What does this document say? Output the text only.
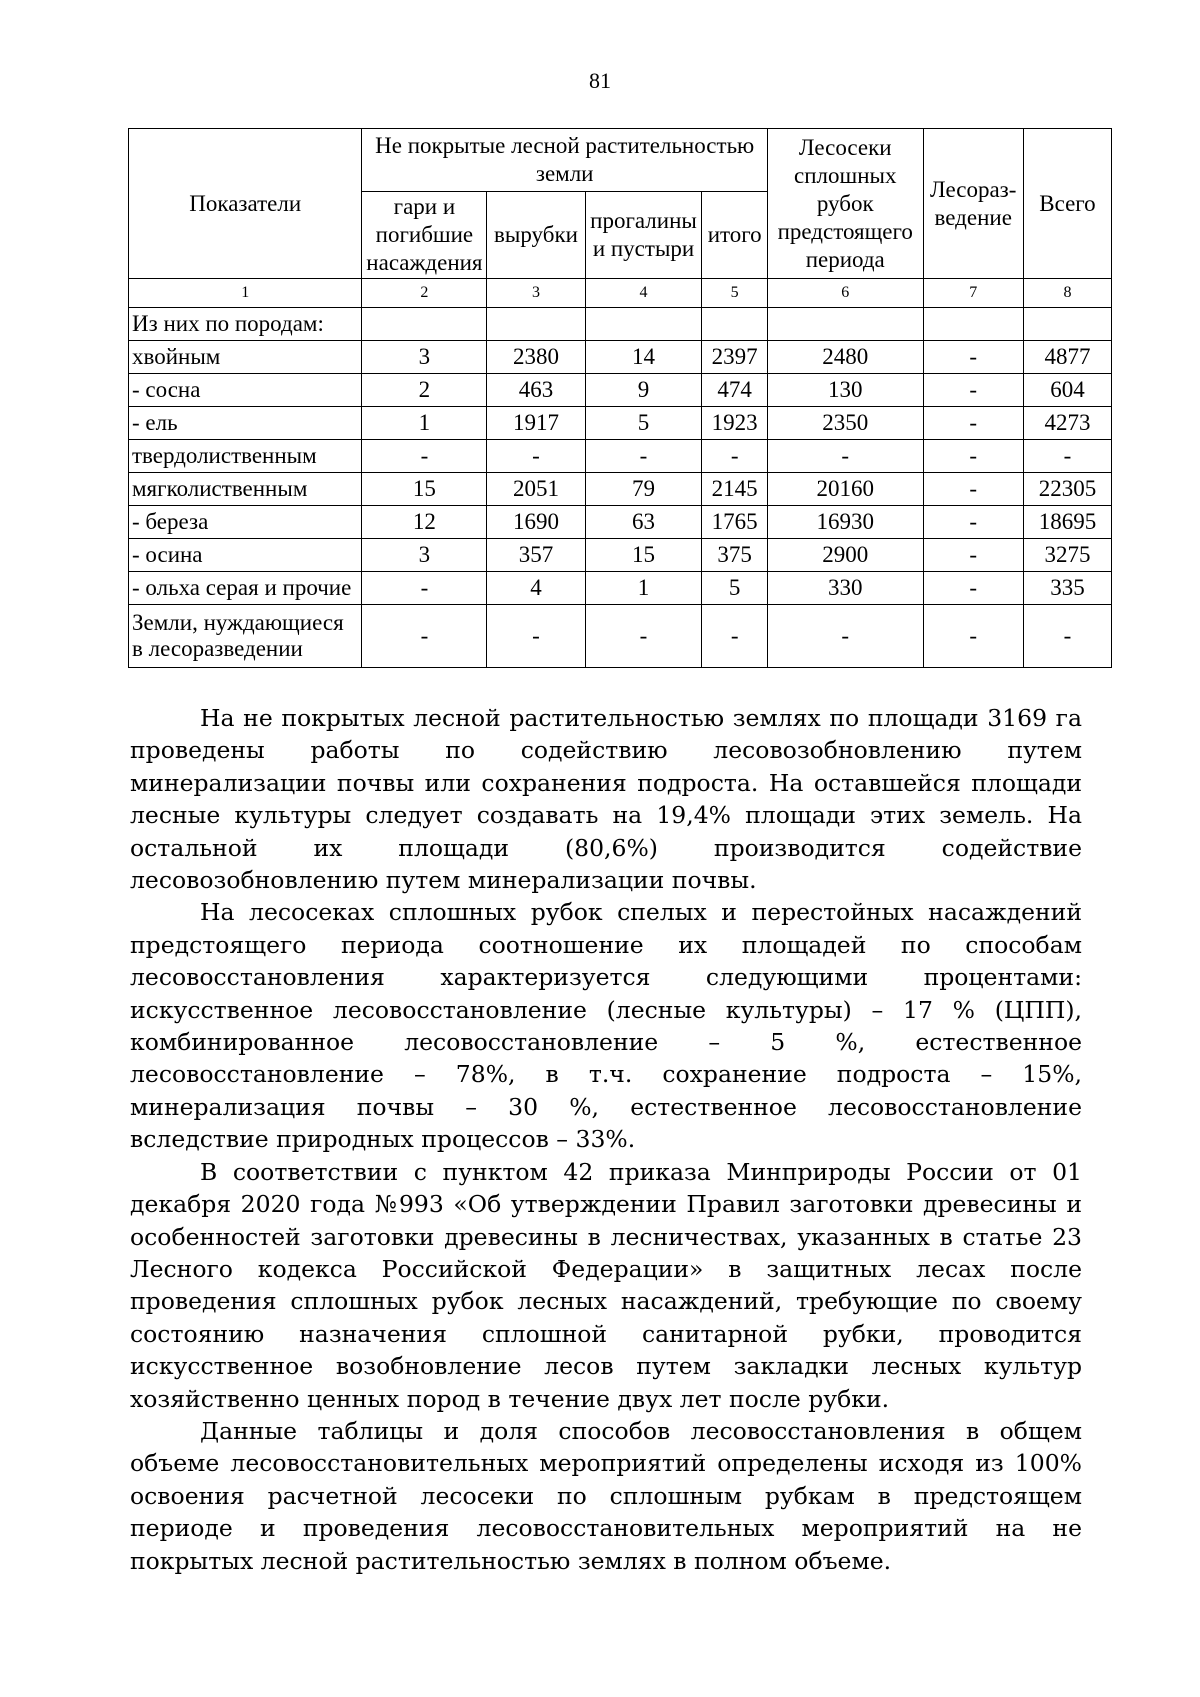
81
Показатели	Не покрытые лесной растительностью земли				Лесосеки сплошных рубок предстоящего периода	Лесораз-ведение	Всего
	гари и погибшие насаждения	вырубки	прогалины и пустыри	итого			
1	2	3	4	5	6	7	8
Из них по породам:							
хвойным	3	2380	14	2397	2480	-	4877
- сосна	2	463	9	474	130	-	604
- ель	1	1917	5	1923	2350	-	4273
твердолиственным	-	-	-	-	-	-	-
мягколиственным	15	2051	79	2145	20160	-	22305
- береза	12	1690	63	1765	16930	-	18695
- осина	3	357	15	375	2900	-	3275
- ольха серая и прочие	-	4	1	5	330	-	335
Земли, нуждающиеся в лесоразведении	-	-	-	-	-	-	-

На не покрытых лесной растительностью землях по площади 3169 га проведены работы по содействию лесовозобновлению путем минерализации почвы или сохранения подроста. На оставшейся площади лесные культуры следует создавать на 19,4% площади этих земель. На остальной их площади (80,6%) производится содействие лесовозобновлению путем минерализации почвы.

На лесосеках сплошных рубок спелых и перестойных насаждений предстоящего периода соотношение их площадей по способам лесовосстановления характеризуется следующими процентами: искусственное лесовосстановление (лесные культуры) – 17 % (ЦПП), комбинированное лесовосстановление – 5 %, естественное лесовосстановление – 78%, в т.ч. сохранение подроста – 15%, минерализация почвы – 30 %, естественное лесовосстановление вследствие природных процессов – 33%.

В соответствии с пунктом 42 приказа Минприроды России от 01 декабря 2020 года №993 «Об утверждении Правил заготовки древесины и особенностей заготовки древесины в лесничествах, указанных в статье 23 Лесного кодекса Российской Федерации» в защитных лесах после проведения сплошных рубок лесных насаждений, требующие по своему состоянию назначения сплошной санитарной рубки, проводится искусственное возобновление лесов путем закладки лесных культур хозяйственно ценных пород в течение двух лет после рубки.

Данные таблицы и доля способов лесовосстановления в общем объеме лесовосстановительных мероприятий определены исходя из 100% освоения расчетной лесосеки по сплошным рубкам в предстоящем периоде и проведения лесовосстановительных мероприятий на не покрытых лесной растительностью землях в полном объеме.
